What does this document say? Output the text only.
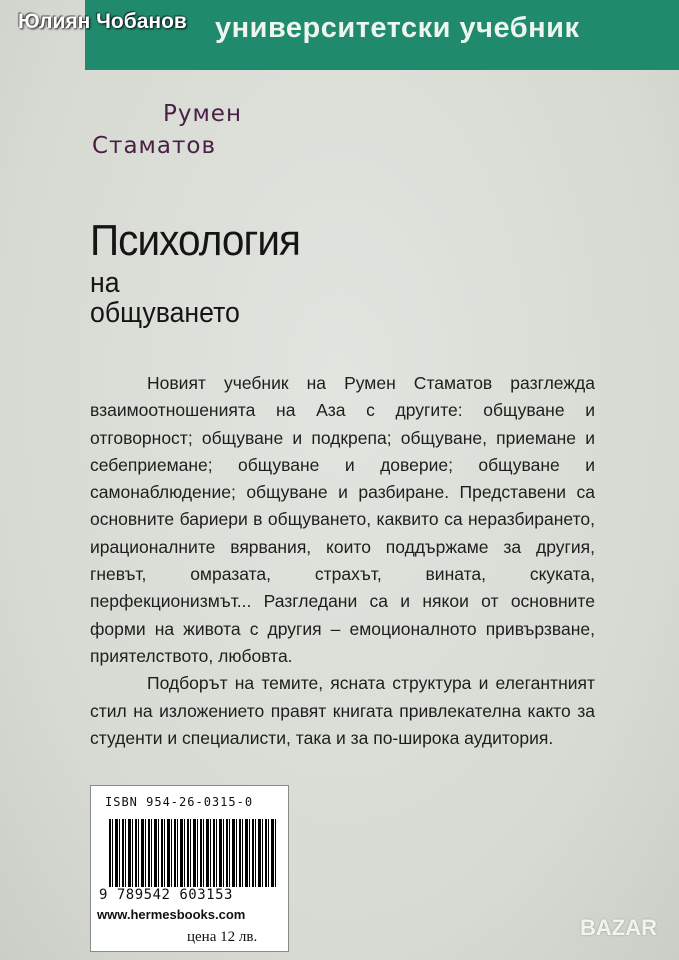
университетски учебник
Юлиян Чобанов
Румен
Стаматов
Психология
на
общуването

Новият учебник на Румен Стаматов разглежда взаимоотношенията на Аза с другите: общуване и отговорност; общуване и подкрепа; общуване, приемане и себеприемане; общуване и доверие; общуване и самонаблюдение; общуване и разбиране. Представени са основните бариери в общуването, каквито са неразбирането, ирационалните вярвания, които поддържаме за другия, гневът, омразата, страхът, вината, скуката, перфекционизмът... Разгледани са и някои от основните форми на живота с другия – емоционалното привързване, приятелството, любовта.

Подборът на темите, ясната структура и елегантният стил на изложението правят книгата привлекателна както за студенти и специалисти, така и за по-широка аудитория.

ISBN 954-26-0315-0
9 789542 603153
www.hermesbooks.com
цена 12 лв.	BAZAR
